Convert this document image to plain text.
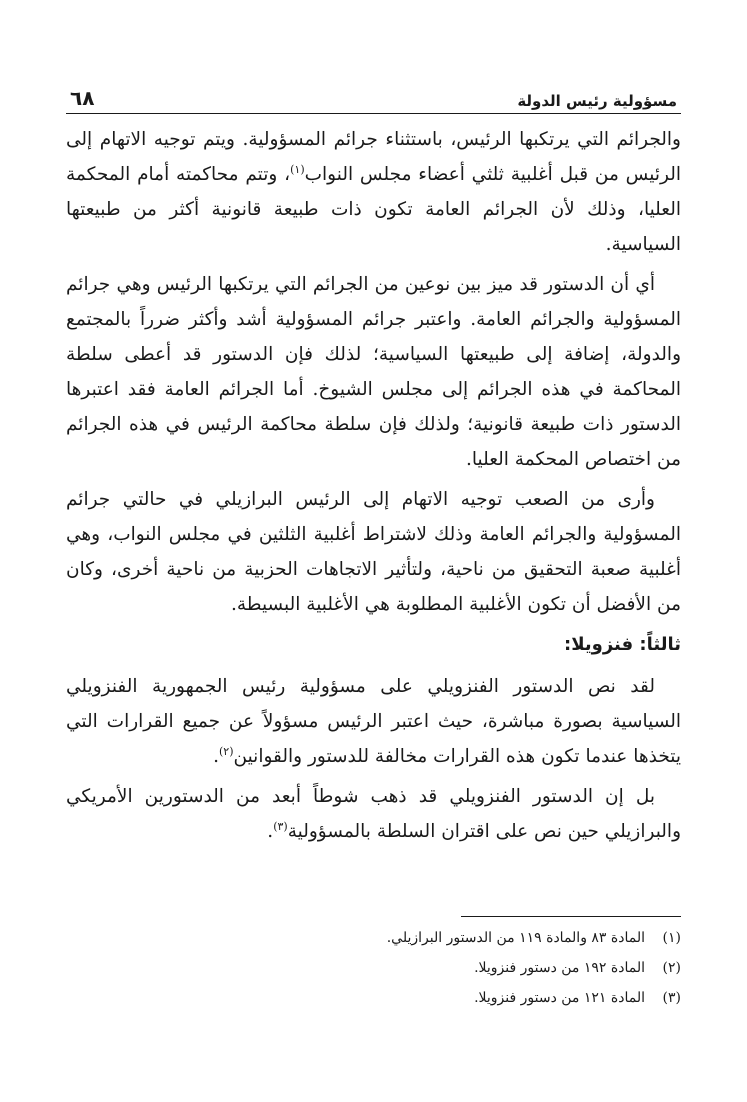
مسؤولية رئيس الدولة
٦٨

والجرائم التي يرتكبها الرئيس، باستثناء جرائم المسؤولية. ويتم توجيه الاتهام إلى الرئيس من قبل أغلبية ثلثي أعضاء مجلس النواب$^{(١)}$، وتتم محاكمته أمام المحكمة العليا، وذلك لأن الجرائم العامة تكون ذات طبيعة قانونية أكثر من طبيعتها السياسية.

أي أن الدستور قد ميز بين نوعين من الجرائم التي يرتكبها الرئيس وهي جرائم المسؤولية والجرائم العامة. واعتبر جرائم المسؤولية أشد وأكثر ضرراً بالمجتمع والدولة، إضافة إلى طبيعتها السياسية؛ لذلك فإن الدستور قد أعطى سلطة المحاكمة في هذه الجرائم إلى مجلس الشيوخ. أما الجرائم العامة فقد اعتبرها الدستور ذات طبيعة قانونية؛ ولذلك فإن سلطة محاكمة الرئيس في هذه الجرائم من اختصاص المحكمة العليا.

وأرى من الصعب توجيه الاتهام إلى الرئيس البرازيلي في حالتي جرائم المسؤولية والجرائم العامة وذلك لاشتراط أغلبية الثلثين في مجلس النواب، وهي أغلبية صعبة التحقيق من ناحية، ولتأثير الاتجاهات الحزبية من ناحية أخرى، وكان من الأفضل أن تكون الأغلبية المطلوبة هي الأغلبية البسيطة.

ثالثاً: فنزويلا:

لقد نص الدستور الفنزويلي على مسؤولية رئيس الجمهورية الفنزويلي السياسية بصورة مباشرة، حيث اعتبر الرئيس مسؤولاً عن جميع القرارات التي يتخذها عندما تكون هذه القرارات مخالفة للدستور والقوانين$^{(٢)}$.

بل إن الدستور الفنزويلي قد ذهب شوطاً أبعد من الدستورين الأمريكي والبرازيلي حين نص على اقتران السلطة بالمسؤولية$^{(٣)}$.

(١)
المادة ٨٣ والمادة ١١٩ من الدستور البرازيلي.
(٢)
المادة ١٩٢ من دستور فنزويلا.
(٣)
المادة ١٢١ من دستور فنزويلا.
